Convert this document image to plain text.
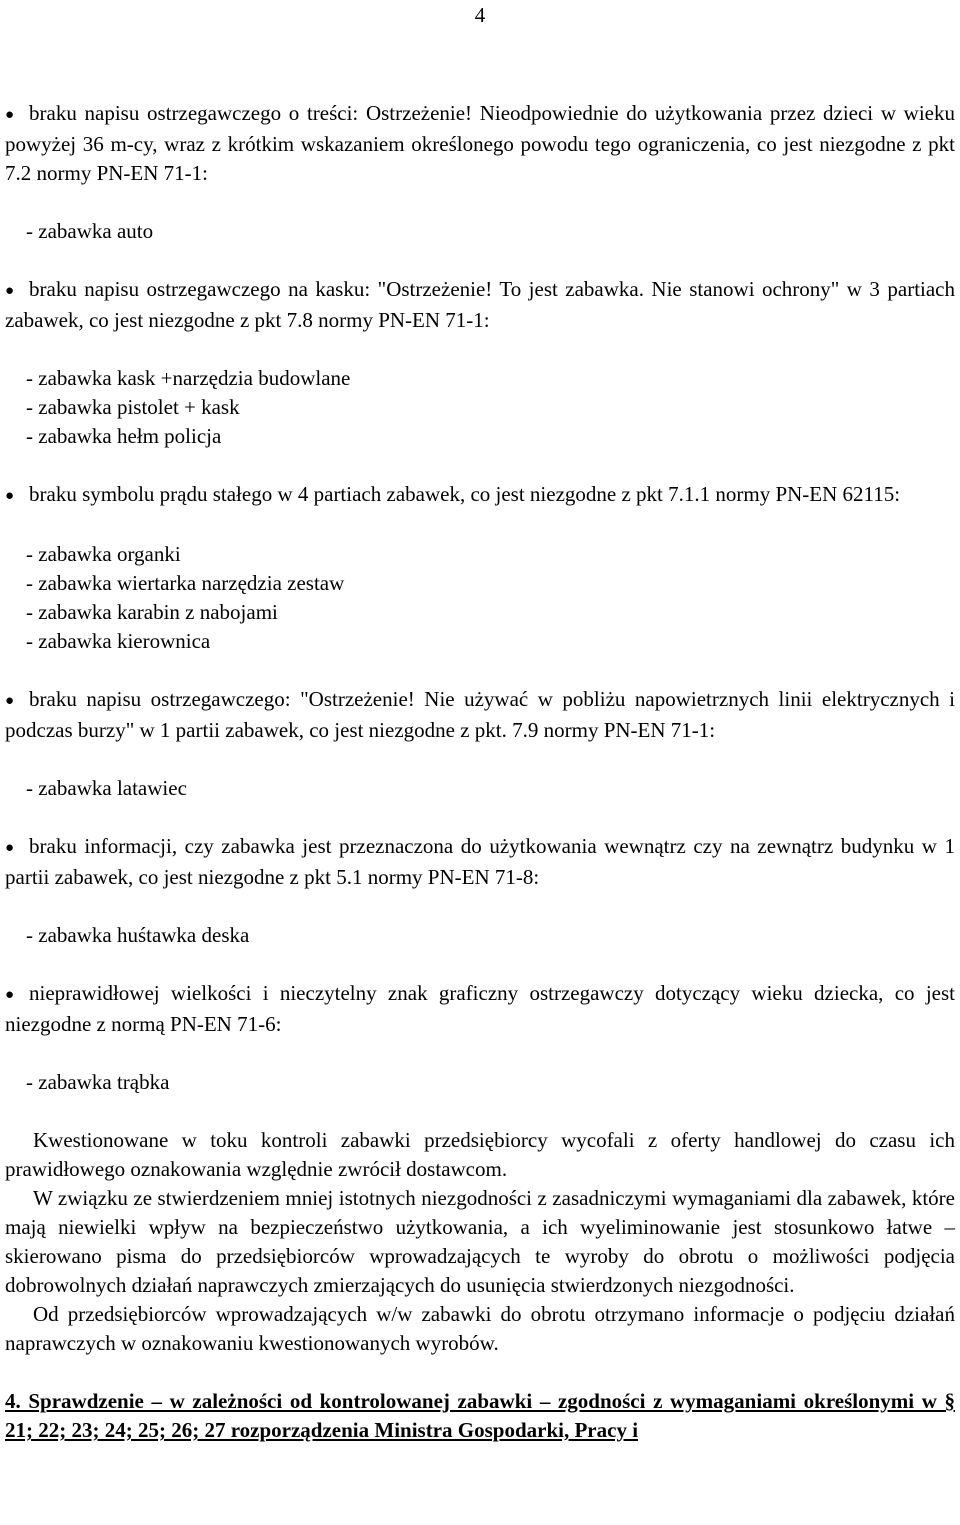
4

● braku napisu ostrzegawczego o treści: Ostrzeżenie! Nieodpowiednie do użytkowania przez dzieci w wieku powyżej 36 m-cy, wraz z krótkim wskazaniem określonego powodu tego ograniczenia, co jest niezgodne z pkt 7.2 normy PN-EN 71-1:

- zabawka auto

● braku napisu ostrzegawczego na kasku: "Ostrzeżenie! To jest zabawka. Nie stanowi ochrony" w 3 partiach zabawek, co jest niezgodne z pkt 7.8 normy PN-EN 71-1:

- zabawka kask +narzędzia budowlane
- zabawka pistolet + kask
- zabawka hełm policja

● braku symbolu prądu stałego w 4 partiach zabawek, co jest niezgodne z pkt 7.1.1 normy PN-EN 62115:

- zabawka organki
- zabawka wiertarka narzędzia zestaw
- zabawka karabin z nabojami
- zabawka kierownica

● braku napisu ostrzegawczego: "Ostrzeżenie! Nie używać w pobliżu napowietrznych linii elektrycznych i podczas burzy" w 1 partii zabawek, co jest niezgodne z pkt. 7.9 normy PN-EN 71-1:

- zabawka latawiec

● braku informacji, czy zabawka jest przeznaczona do użytkowania wewnątrz czy na zewnątrz budynku w 1 partii zabawek, co jest niezgodne z pkt 5.1 normy PN-EN 71-8:

- zabawka huśtawka deska

● nieprawidłowej wielkości i nieczytelny znak graficzny ostrzegawczy dotyczący wieku dziecka, co jest niezgodne z normą PN-EN 71-6:

- zabawka trąbka

Kwestionowane w toku kontroli zabawki przedsiębiorcy wycofali z oferty handlowej do czasu ich prawidłowego oznakowania względnie zwrócił dostawcom.

W związku ze stwierdzeniem mniej istotnych niezgodności z zasadniczymi wymaganiami dla zabawek, które mają niewielki wpływ na bezpieczeństwo użytkowania, a ich wyeliminowanie jest stosunkowo łatwe – skierowano pisma do przedsiębiorców wprowadzających te wyroby do obrotu o możliwości podjęcia dobrowolnych działań naprawczych zmierzających do usunięcia stwierdzonych niezgodności.

Od przedsiębiorców wprowadzających w/w zabawki do obrotu otrzymano informacje o podjęciu działań naprawczych w oznakowaniu kwestionowanych wyrobów.

4. Sprawdzenie – w zależności od kontrolowanej zabawki – zgodności z wymaganiami określonymi w § 21; 22; 23; 24; 25; 26; 27 rozporządzenia Ministra Gospodarki, Pracy i
